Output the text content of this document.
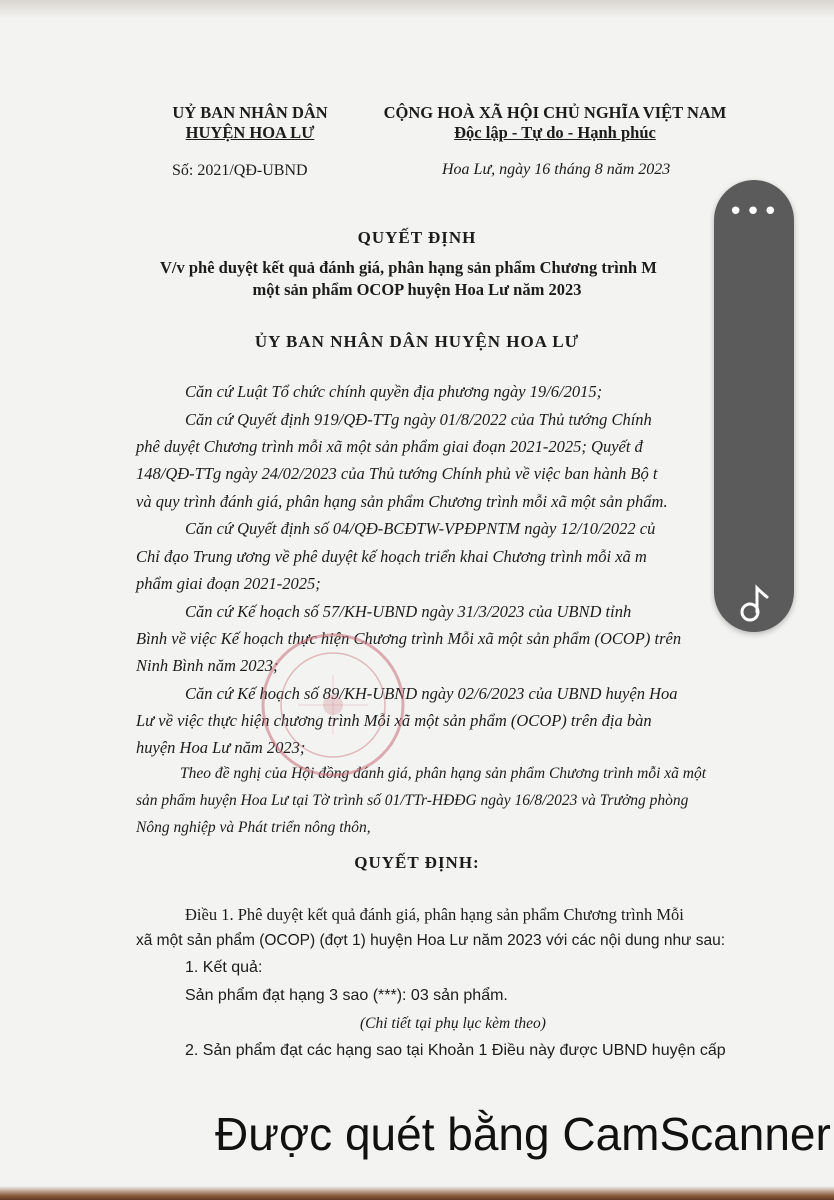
UỶ BAN NHÂN DÂN
HUYỆN HOA LƯ
CỘNG HOÀ XÃ HỘI CHỦ NGHĨA VIỆT NAM
Độc lập - Tự do - Hạnh phúc
Số: 2021/QĐ-UBND	Hoa Lư, ngày 16 tháng 8 năm 2023
QUYẾT ĐỊNH
V/v phê duyệt kết quả đánh giá, phân hạng sản phẩm Chương trình M
một sản phẩm OCOP huyện Hoa Lư năm 2023
ỦY BAN NHÂN DÂN HUYỆN HOA LƯ
Căn cứ Luật Tổ chức chính quyền địa phương ngày 19/6/2015;
Căn cứ Quyết định 919/QĐ-TTg ngày 01/8/2022 của Thủ tướng Chính
phê duyệt Chương trình mỗi xã một sản phẩm giai đoạn 2021-2025; Quyết đ
148/QĐ-TTg ngày 24/02/2023 của Thủ tướng Chính phủ về việc ban hành Bộ t
và quy trình đánh giá, phân hạng sản phẩm Chương trình mỗi xã một sản phẩm.
Căn cứ Quyết định số 04/QĐ-BCĐTW-VPĐPNTM ngày 12/10/2022 củ
Chỉ đạo Trung ương về phê duyệt kế hoạch triển khai Chương trình mỗi xã m
phẩm giai đoạn 2021-2025;
Căn cứ Kế hoạch số 57/KH-UBND ngày 31/3/2023 của UBND tỉnh
Bình về việc Kế hoạch thực hiện Chương trình Mỗi xã một sản phẩm (OCOP) trên
Ninh Bình năm 2023;
Căn cứ Kế hoạch số 89/KH-UBND ngày 02/6/2023 của UBND huyện Hoa
Lư về việc thực hiện chương trình Mỗi xã một sản phẩm (OCOP) trên địa bàn
huyện Hoa Lư năm 2023;
Theo đề nghị của Hội đồng đánh giá, phân hạng sản phẩm Chương trình mỗi xã một
sản phẩm huyện Hoa Lư tại Tờ trình số 01/TTr-HĐĐG ngày 16/8/2023 và Trưởng phòng
Nông nghiệp và Phát triển nông thôn,
QUYẾT ĐỊNH:
Điều 1. Phê duyệt kết quả đánh giá, phân hạng sản phẩm Chương trình Mỗi
xã một sản phẩm (OCOP) (đợt 1) huyện Hoa Lư năm 2023 với các nội dung như sau:
1. Kết quả:
Sản phẩm đạt hạng 3 sao (***): 03 sản phẩm.
(Chi tiết tại phụ lục kèm theo)
2. Sản phẩm đạt các hạng sao tại Khoản 1 Điều này được UBND huyện cấp
Được quét bằng CamScanner
•••
